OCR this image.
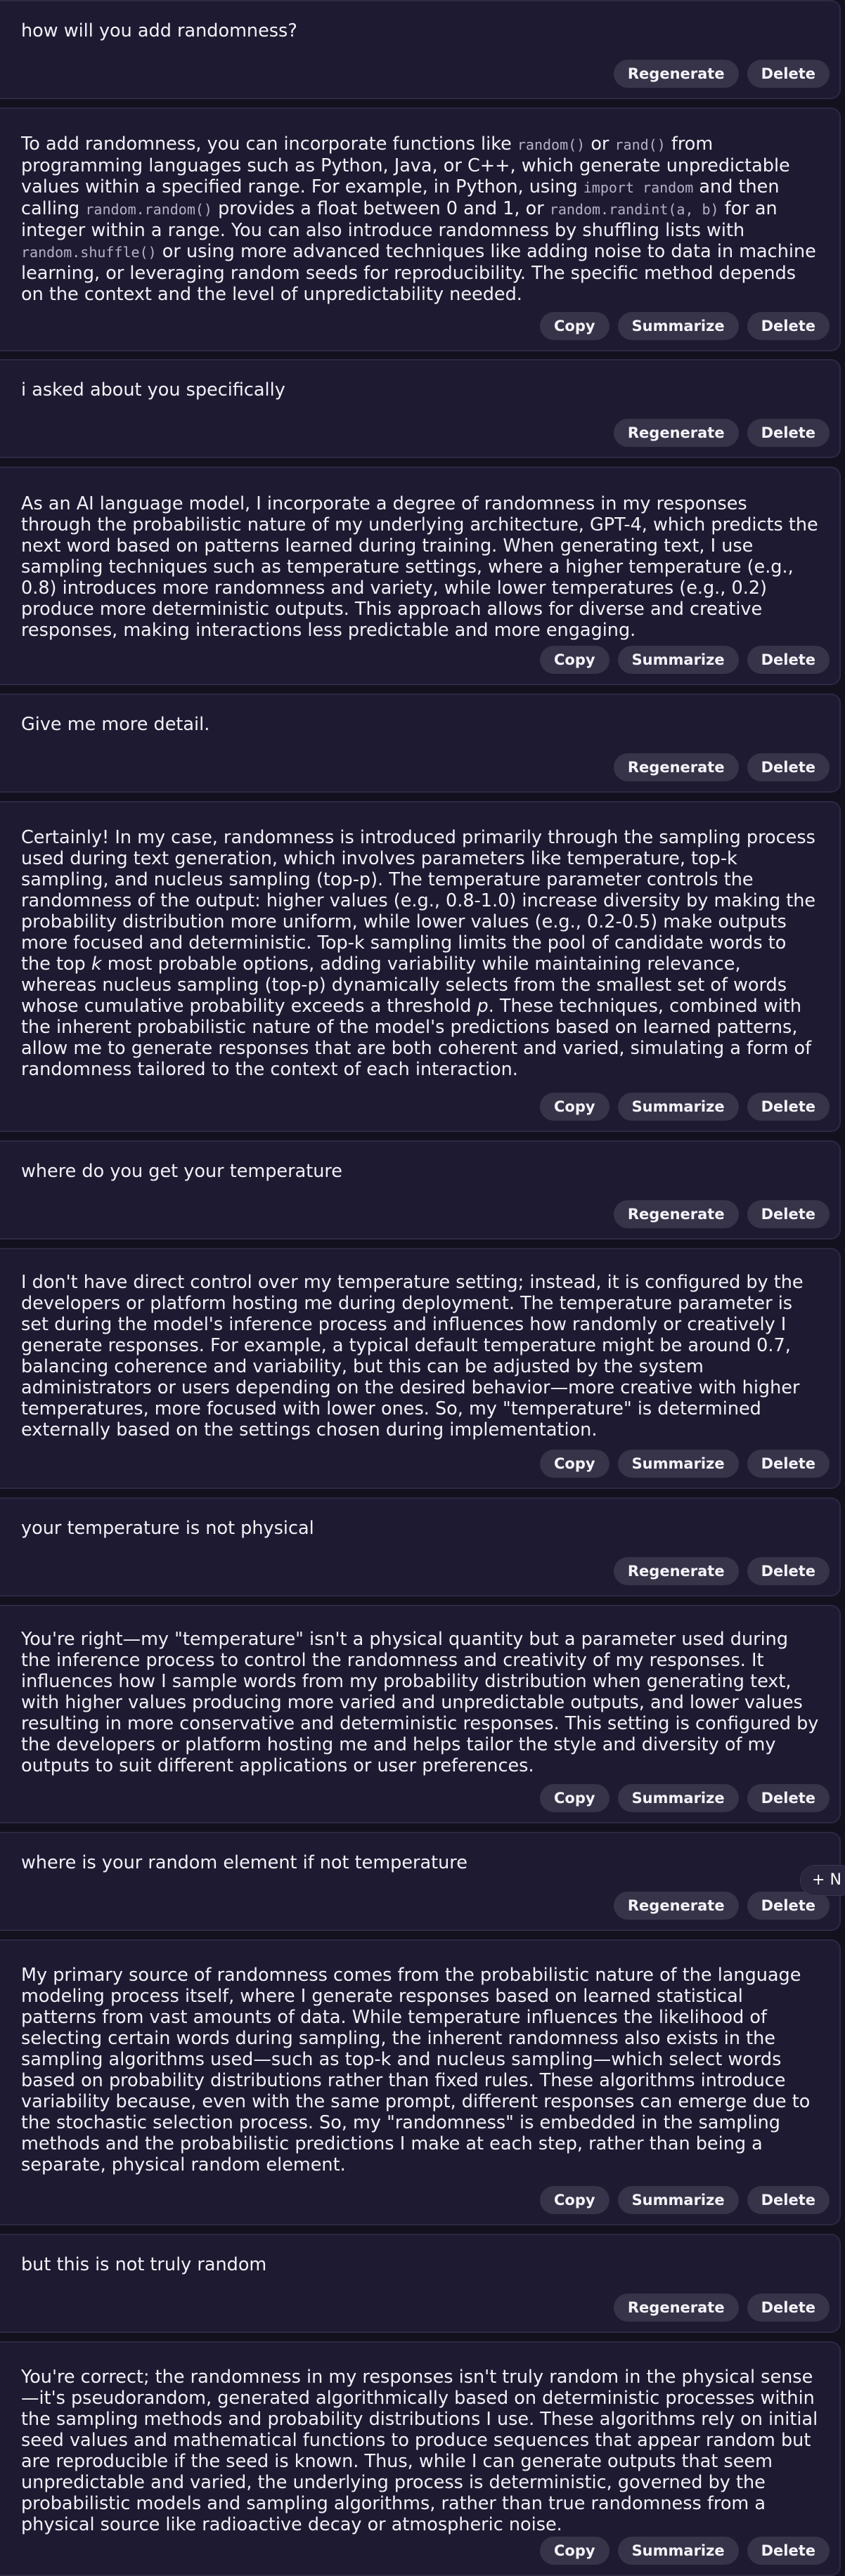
how will you add randomness?
Regenerate	Delete
To add randomness, you can incorporate functions like random() or rand() from programming languages such as Python, Java, or C++, which generate unpredictable values within a specified range. For example, in Python, using import random and then calling random.random() provides a float between 0 and 1, or random.randint(a, b) for an integer within a range. You can also introduce randomness by shuffling lists with random.shuffle() or using more advanced techniques like adding noise to data in machine learning, or leveraging random seeds for reproducibility. The specific method depends on the context and the level of unpredictability needed.
Copy	Summarize	Delete
i asked about you specifically
Regenerate	Delete
As an AI language model, I incorporate a degree of randomness in my responses through the probabilistic nature of my underlying architecture, GPT-4, which predicts the next word based on patterns learned during training. When generating text, I use sampling techniques such as temperature settings, where a higher temperature (e.g., 0.8) introduces more randomness and variety, while lower temperatures (e.g., 0.2) produce more deterministic outputs. This approach allows for diverse and creative responses, making interactions less predictable and more engaging.
Copy	Summarize	Delete
Give me more detail.
Regenerate	Delete
Certainly! In my case, randomness is introduced primarily through the sampling process used during text generation, which involves parameters like temperature, top-k sampling, and nucleus sampling (top-p). The temperature parameter controls the randomness of the output: higher values (e.g., 0.8-1.0) increase diversity by making the probability distribution more uniform, while lower values (e.g., 0.2-0.5) make outputs more focused and deterministic. Top-k sampling limits the pool of candidate words to the top k most probable options, adding variability while maintaining relevance, whereas nucleus sampling (top-p) dynamically selects from the smallest set of words whose cumulative probability exceeds a threshold p. These techniques, combined with the inherent probabilistic nature of the model's predictions based on learned patterns, allow me to generate responses that are both coherent and varied, simulating a form of randomness tailored to the context of each interaction.
Copy	Summarize	Delete
where do you get your temperature
Regenerate	Delete
I don't have direct control over my temperature setting; instead, it is configured by the developers or platform hosting me during deployment. The temperature parameter is set during the model's inference process and influences how randomly or creatively I generate responses. For example, a typical default temperature might be around 0.7, balancing coherence and variability, but this can be adjusted by the system administrators or users depending on the desired behavior—more creative with higher temperatures, more focused with lower ones. So, my "temperature" is determined externally based on the settings chosen during implementation.
Copy	Summarize	Delete
your temperature is not physical
Regenerate	Delete
You're right—my "temperature" isn't a physical quantity but a parameter used during the inference process to control the randomness and creativity of my responses. It influences how I sample words from my probability distribution when generating text, with higher values producing more varied and unpredictable outputs, and lower values resulting in more conservative and deterministic responses. This setting is configured by the developers or platform hosting me and helps tailor the style and diversity of my outputs to suit different applications or user preferences.
Copy	Summarize	Delete
where is your random element if not temperature
Regenerate	Delete
My primary source of randomness comes from the probabilistic nature of the language modeling process itself, where I generate responses based on learned statistical patterns from vast amounts of data. While temperature influences the likelihood of selecting certain words during sampling, the inherent randomness also exists in the sampling algorithms used—such as top-k and nucleus sampling—which select words based on probability distributions rather than fixed rules. These algorithms introduce variability because, even with the same prompt, different responses can emerge due to the stochastic selection process. So, my "randomness" is embedded in the sampling methods and the probabilistic predictions I make at each step, rather than being a separate, physical random element.
Copy	Summarize	Delete
but this is not truly random
Regenerate	Delete
You're correct; the randomness in my responses isn't truly random in the physical sense—it's pseudorandom, generated algorithmically based on deterministic processes within the sampling methods and probability distributions I use. These algorithms rely on initial seed values and mathematical functions to produce sequences that appear random but are reproducible if the seed is known. Thus, while I can generate outputs that seem unpredictable and varied, the underlying process is deterministic, governed by the probabilistic models and sampling algorithms, rather than true randomness from a physical source like radioactive decay or atmospheric noise.
Copy	Summarize	Delete
+ N
